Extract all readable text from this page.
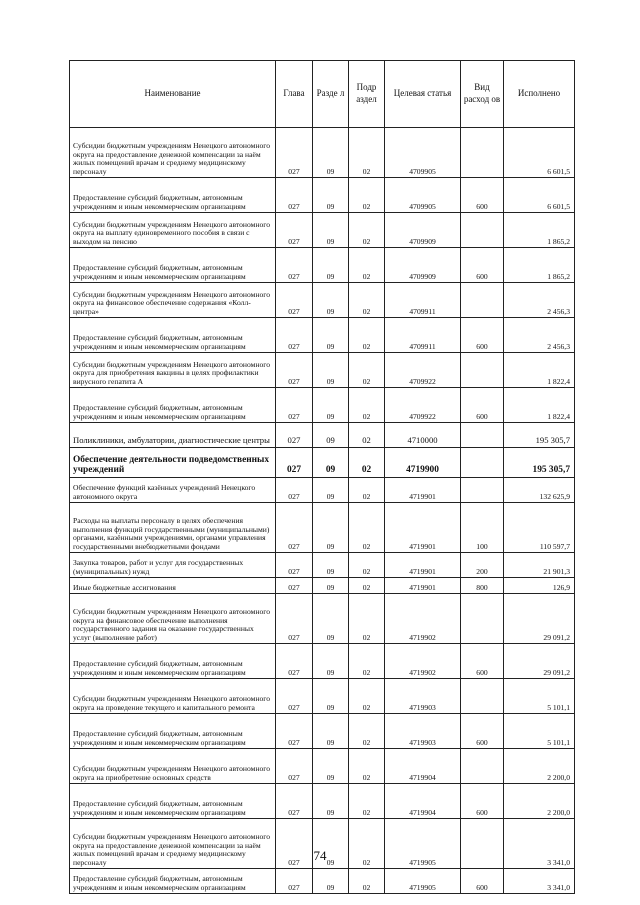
Наименование	Глава	Разде л	Подр аздел	Целевая статья	Вид расход ов	Исполнено
Субсидии бюджетным учреждениям Ненецкого автономного округа на предоставление денежной компенсации за наём жилых помещений врачам и среднему медицинскому персоналу	027	09	02	4709905		6 601,5
Предоставление субсидий бюджетным, автономным учреждениям и иным некоммерческим организациям	027	09	02	4709905	600	6 601,5
Субсидии бюджетным учреждениям Ненецкого автономного округа на выплату единовременного пособия в связи с выходом на пенсию	027	09	02	4709909		1 865,2
Предоставление субсидий бюджетным, автономным учреждениям и иным некоммерческим организациям	027	09	02	4709909	600	1 865,2
Субсидии бюджетным учреждениям Ненецкого автономного округа на финансовое обеспечение содержания «Колл-центра»	027	09	02	4709911		2 456,3
Предоставление субсидий бюджетным, автономным учреждениям и иным некоммерческим организациям	027	09	02	4709911	600	2 456,3
Субсидии бюджетным учреждениям Ненецкого автономного округа для приобретения вакцины в целях профилактики вирусного гепатита А	027	09	02	4709922		1 822,4
Предоставление субсидий бюджетным, автономным учреждениям и иным некоммерческим организациям	027	09	02	4709922	600	1 822,4
Поликлиники, амбулатории, диагностические центры	027	09	02	4710000		195 305,7
Обеспечение деятельности подведомственных учреждений	027	09	02	4719900		195 305,7
Обеспечение функций казённых учреждений Ненецкого автономного округа	027	09	02	4719901		132 625,9
Расходы на выплаты персоналу в целях обеспечения выполнения функций государственными (муниципальными) органами, казёнными учреждениями, органами управления государственными внебюджетными фондами	027	09	02	4719901	100	110 597,7
Закупка товаров, работ и услуг для государственных (муниципальных) нужд	027	09	02	4719901	200	21 901,3
Иные бюджетные ассигнования	027	09	02	4719901	800	126,9
Субсидии бюджетным учреждениям Ненецкого автономного округа на финансовое обеспечение выполнения государственного задания на оказание государственных услуг (выполнение работ)	027	09	02	4719902		29 091,2
Предоставление субсидий бюджетным, автономным учреждениям и иным некоммерческим организациям	027	09	02	4719902	600	29 091,2
Субсидии бюджетным учреждениям Ненецкого автономного округа на проведение текущего и капитального ремонта	027	09	02	4719903		5 101,1
Предоставление субсидий бюджетным, автономным учреждениям и иным некоммерческим организациям	027	09	02	4719903	600	5 101,1
Субсидии бюджетным учреждениям Ненецкого автономного округа на приобретение основных средств	027	09	02	4719904		2 200,0
Предоставление субсидий бюджетным, автономным учреждениям и иным некоммерческим организациям	027	09	02	4719904	600	2 200,0
Субсидии бюджетным учреждениям Ненецкого автономного округа на предоставление денежной компенсации за наём жилых помещений врачам и среднему медицинскому персоналу	027	09	02	4719905		3 341,0
Предоставление субсидий бюджетным, автономным учреждениям и иным некоммерческим организациям	027	09	02	4719905	600	3 341,0
74
